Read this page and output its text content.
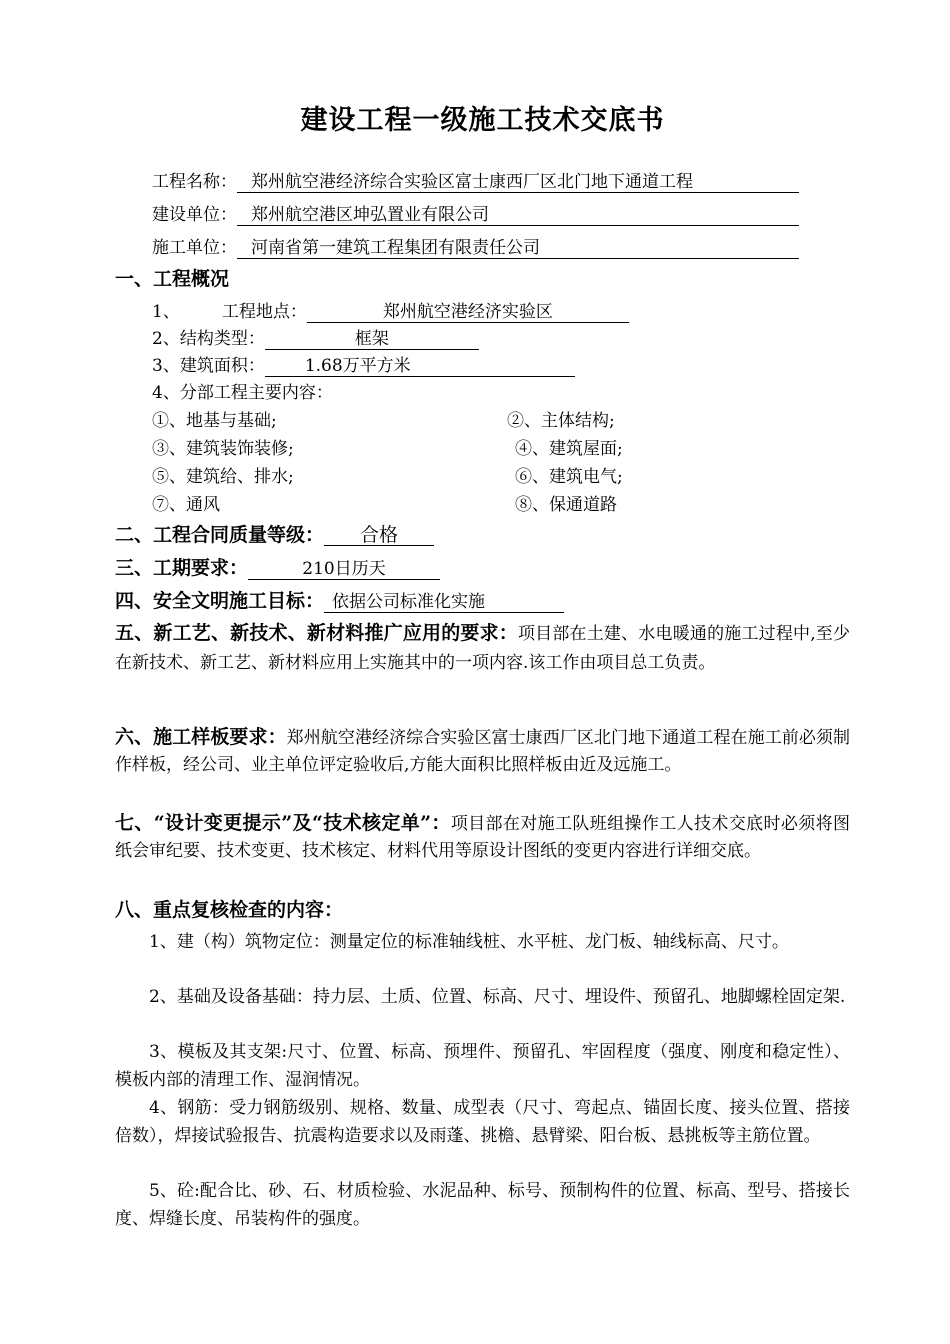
建设工程一级施工技术交底书
工程名称： 郑州航空港经济综合实验区富士康西厂区北门地下通道工程
建设单位： 郑州航空港区坤弘置业有限公司
施工单位： 河南省第一建筑工程集团有限责任公司
一、工程概况
1、 工程地点：	郑州航空港经济实验区
2、结构类型：	框架
3、建筑面积： 1.68万平方米
4、分部工程主要内容：
①、地基与基础;	②、主体结构;
③、建筑装饰装修;	④、建筑屋面;
⑤、建筑给、排水;	⑥、建筑电气;
⑦、通风	⑧、保通道路
二、工程合同质量等级： 合格
三、工期要求：	210日历天
四、安全文明施工目标： 依据公司标准化实施
五、新工艺、新技术、新材料推广应用的要求：项目部在土建、水电暖通的施工过程中,至少在新技术、新工艺、新材料应用上实施其中的一项内容.该工作由项目总工负责。
六、施工样板要求：郑州航空港经济综合实验区富士康西厂区北门地下通道工程在施工前必须制作样板，经公司、业主单位评定验收后,方能大面积比照样板由近及远施工。
七、“设计变更提示”及“技术核定单”：项目部在对施工队班组操作工人技术交底时必须将图纸会审纪要、技术变更、技术核定、材料代用等原设计图纸的变更内容进行详细交底。
八、重点复核检查的内容：
1、建（构）筑物定位：测量定位的标准轴线桩、水平桩、龙门板、轴线标高、尺寸。
2、基础及设备基础：持力层、土质、位置、标高、尺寸、埋设件、预留孔、地脚螺栓固定架.
3、模板及其支架:尺寸、位置、标高、预埋件、预留孔、牢固程度（强度、刚度和稳定性）、模板内部的清理工作、湿润情况。
4、钢筋：受力钢筋级别、规格、数量、成型表（尺寸、弯起点、锚固长度、接头位置、搭接倍数），焊接试验报告、抗震构造要求以及雨蓬、挑檐、悬臂梁、阳台板、悬挑板等主筋位置。
5、砼:配合比、砂、石、材质检验、水泥品种、标号、预制构件的位置、标高、型号、搭接长度、焊缝长度、吊装构件的强度。
